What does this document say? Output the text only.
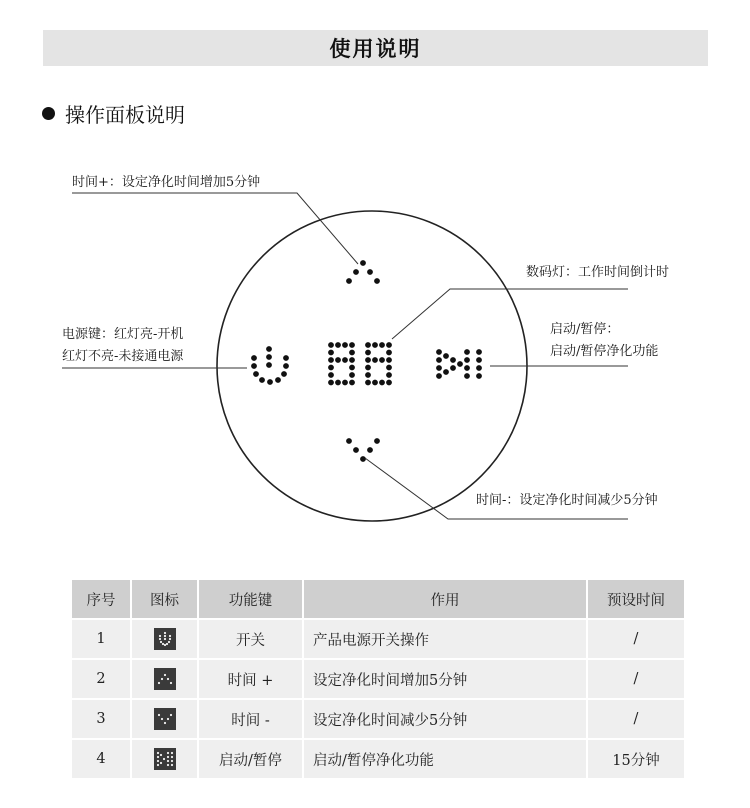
使用说明
操作面板说明
时间+：设定净化时间增加5分钟
数码灯：工作时间倒计时
电源键：红灯亮-开机
红灯不亮-未接通电源
启动/暂停：
启动/暂停净化功能
时间-：设定净化时间减少5分钟
序号	图标	功能键	作用	预设时间
1		开关	产品电源开关操作	/
2		时间 +	设定净化时间增加5分钟	/
3		时间 -	设定净化时间减少5分钟	/
4		启动/暂停	启动/暂停净化功能	15分钟
